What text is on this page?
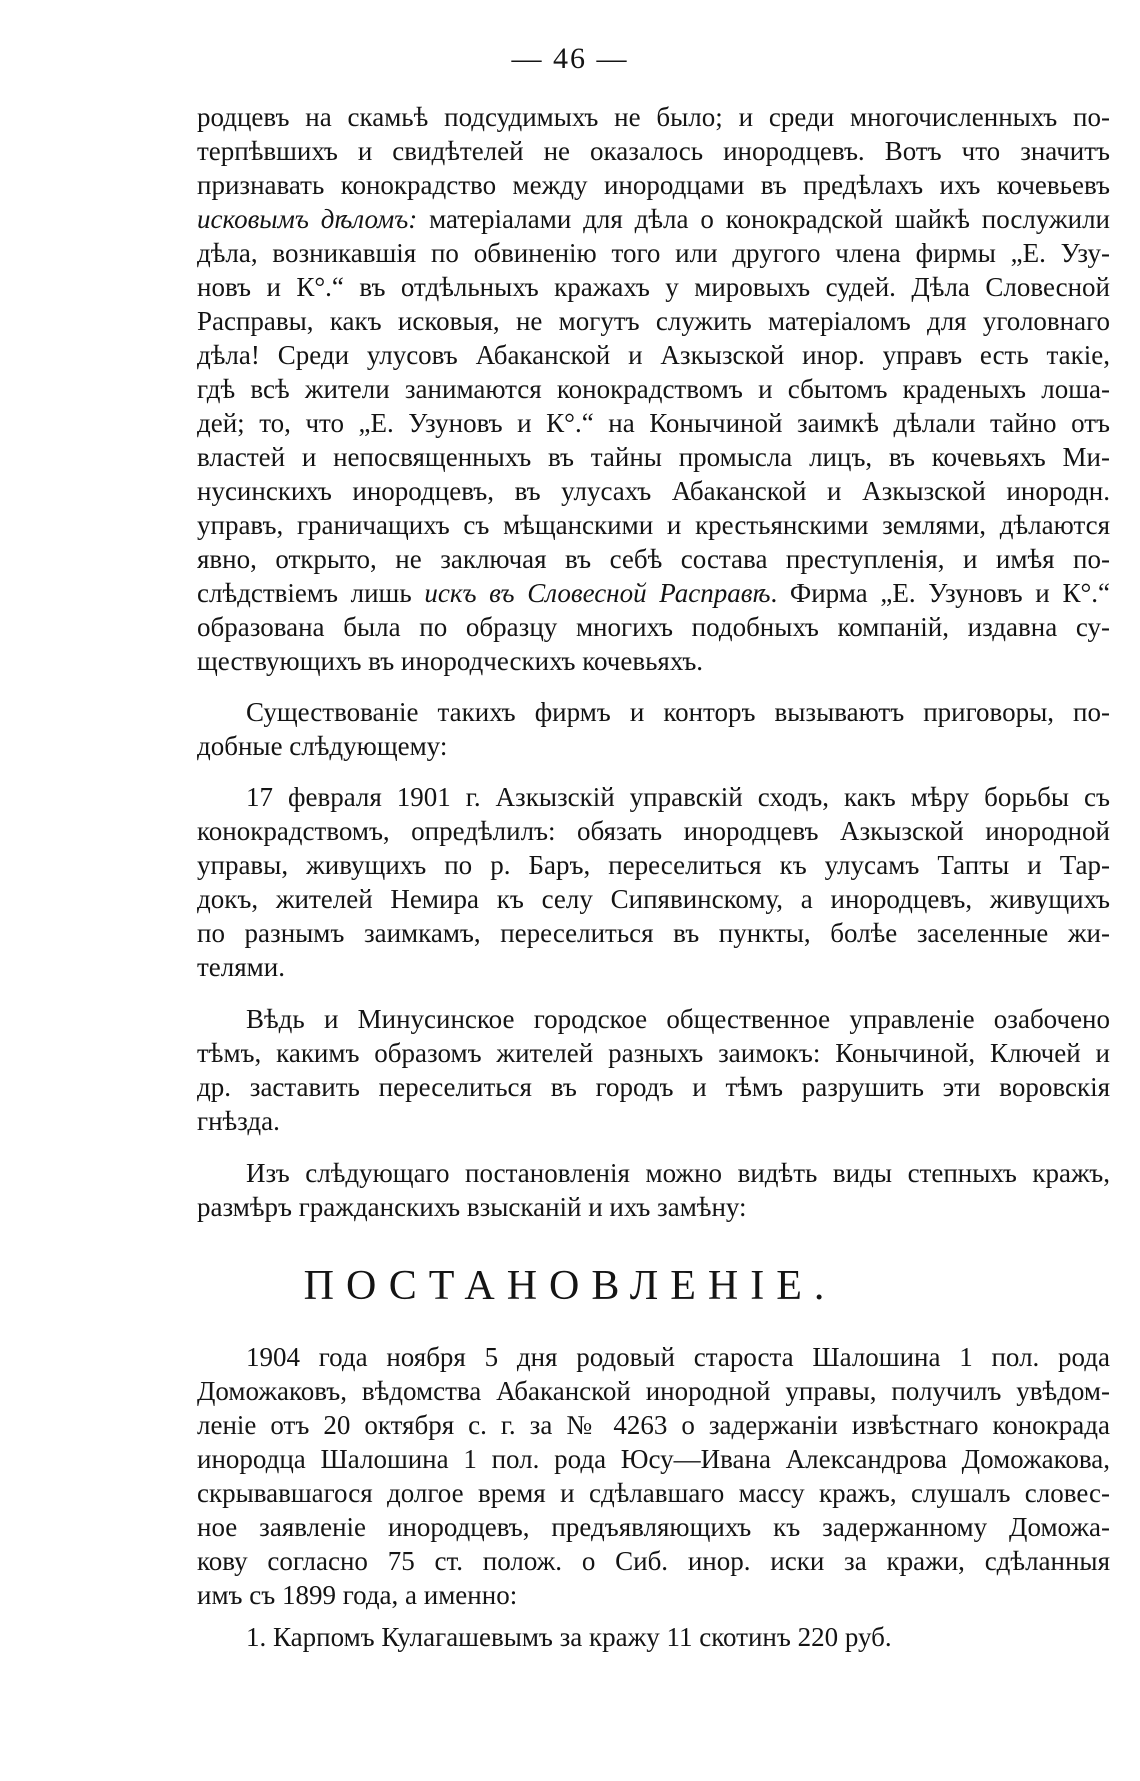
— 46 —

родцевъ на скамьѣ подсудимыхъ не было; и среди многочисленныхъ по-

терпѣвшихъ и свидѣтелей не оказалось инородцевъ. Вотъ что значитъ

признавать конокрадство между инородцами въ предѣлахъ ихъ кочевьевъ

исковымъ дѣломъ: матеріалами для дѣла о конокрадской шайкѣ послужили

дѣла, возникавшія по обвиненію того или другого члена фирмы „Е. Узу-

новъ и К°.“ въ отдѣльныхъ кражахъ у мировыхъ судей. Дѣла Словесной

Расправы, какъ исковыя, не могутъ служить матеріаломъ для уголовнаго

дѣла! Среди улусовъ Абаканской и Азкызской инор. управъ есть такіе,

гдѣ всѣ жители занимаются конокрадствомъ и сбытомъ краденыхъ лоша-

дей; то, что „Е. Узуновъ и К°.“ на Конычиной заимкѣ дѣлали тайно отъ

властей и непосвященныхъ въ тайны промысла лицъ, въ кочевьяхъ Ми-

нусинскихъ инородцевъ, въ улусахъ Абаканской и Азкызской инородн.

управъ, граничащихъ съ мѣщанскими и крестьянскими землями, дѣлаются

явно, открыто, не заключая въ себѣ состава преступленія, и имѣя по-

слѣдствіемъ лишь искъ въ Словесной Расправѣ. Фирма „Е. Узуновъ и К°.“

образована была по образцу многихъ подобныхъ компаній, издавна су-

ществующихъ въ инородческихъ кочевьяхъ.

Существованіе такихъ фирмъ и конторъ вызываютъ приговоры, по-

добные слѣдующему:

17 февраля 1901 г. Азкызскій управскій сходъ, какъ мѣру борьбы съ

конокрадствомъ, опредѣлилъ: обязать инородцевъ Азкызской инородной

управы, живущихъ по р. Баръ, переселиться къ улусамъ Тапты и Тар-

докъ, жителей Немира къ селу Сипявинскому, а инородцевъ, живущихъ

по разнымъ заимкамъ, переселиться въ пункты, болѣе заселенные жи-

телями.

Вѣдь и Минусинское городское общественное управленіе озабочено

тѣмъ, какимъ образомъ жителей разныхъ заимокъ: Конычиной, Ключей и

др. заставить переселиться въ городъ и тѣмъ разрушить эти воровскія

гнѣзда.

Изъ слѣдующаго постановленія можно видѣть виды степныхъ кражъ,

размѣръ гражданскихъ взысканій и ихъ замѣну:

ПОСТАНОВЛЕНІЕ.

1904 года ноября 5 дня родовый староста Шалошина 1 пол. рода

Доможаковъ, вѣдомства Абаканской инородной управы, получилъ увѣдом-

леніе отъ 20 октября с. г. за № 4263 о задержаніи извѣстнаго конокрада

инородца Шалошина 1 пол. рода Юсу—Ивана Александрова Доможакова,

скрывавшагося долгое время и сдѣлавшаго массу кражъ, слушалъ словес-

ное заявленіе инородцевъ, предъявляющихъ къ задержанному Доможа-

кову согласно 75 ст. полож. о Сиб. инор. иски за кражи, сдѣланныя

имъ съ 1899 года, а именно:

1. Карпомъ Кулагашевымъ за кражу 11 скотинъ 220 руб.
